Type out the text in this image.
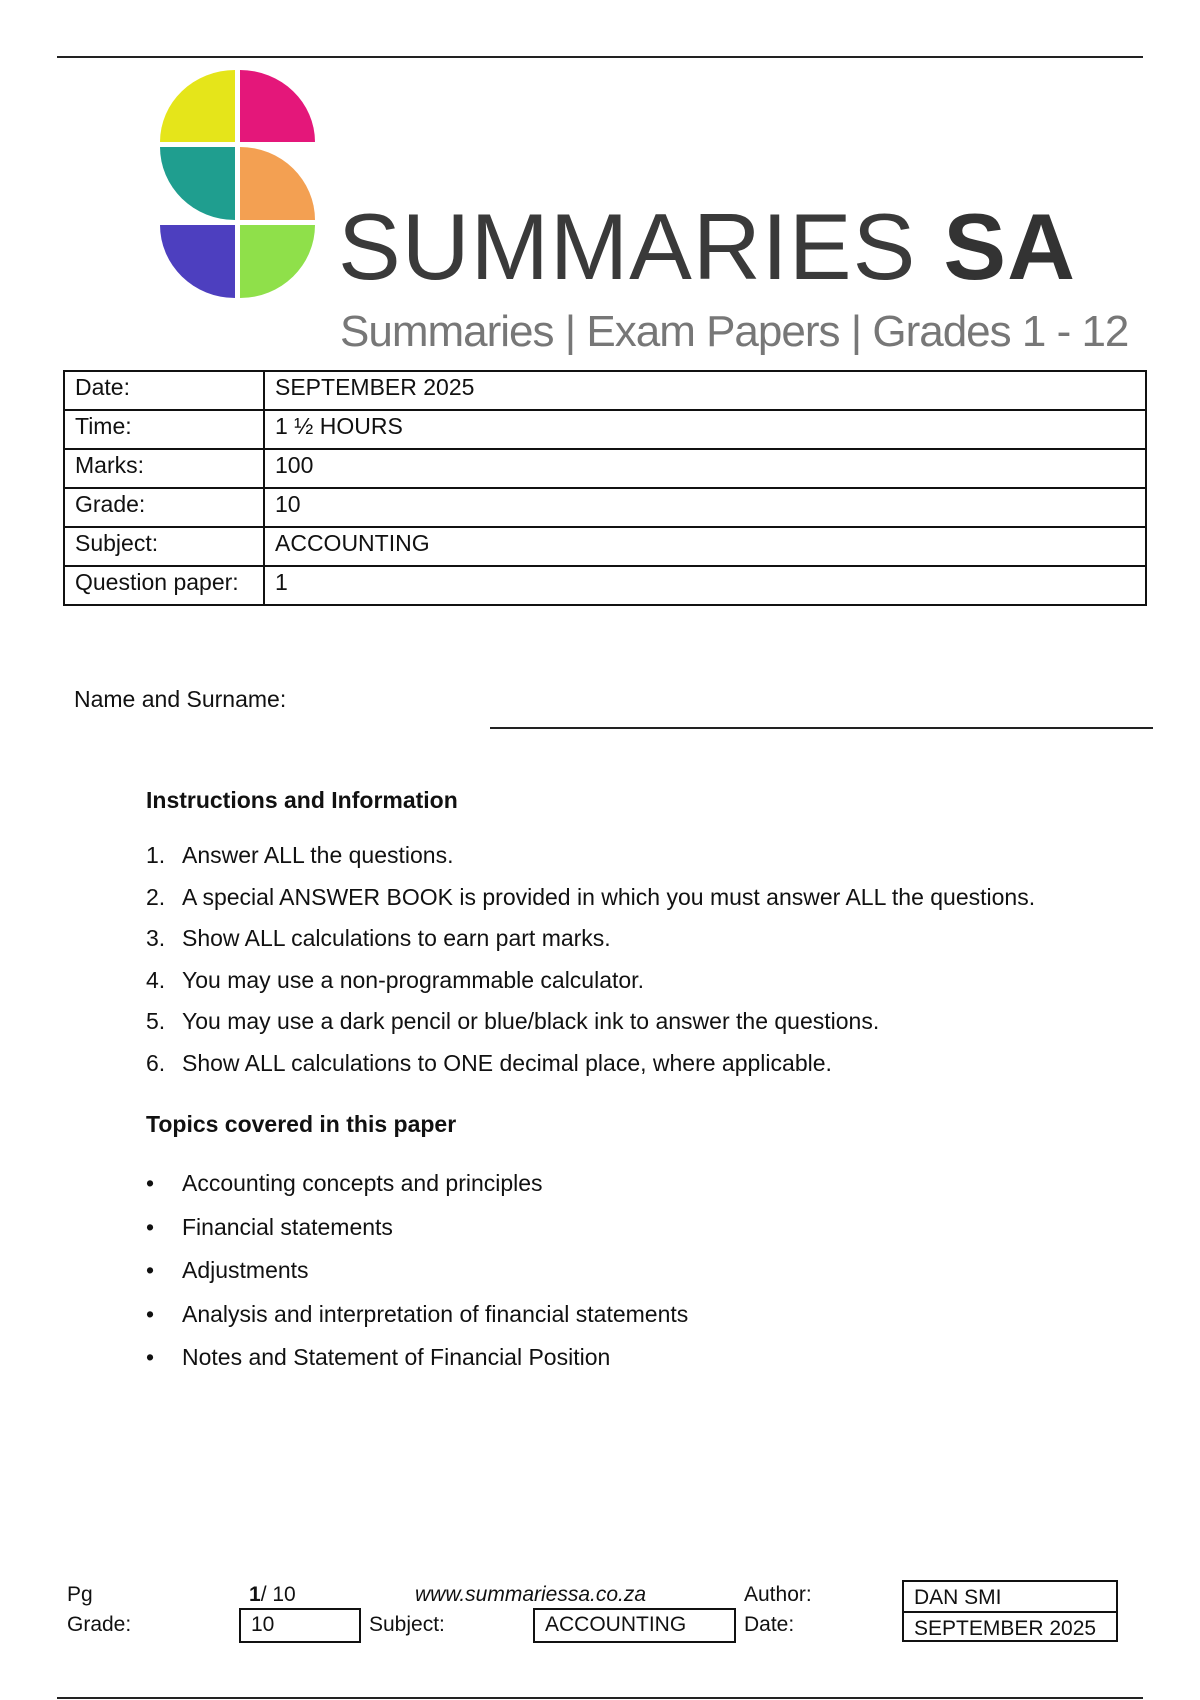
SUMMARIES SA
Summaries | Exam Papers | Grades 1 - 12
Date:	SEPTEMBER 2025
Time:	1 ½ HOURS
Marks:	100
Grade:	10
Subject:	ACCOUNTING
Question paper:	1
Name and Surname:
Instructions and Information
1. Answer ALL the questions.
2. A special ANSWER BOOK is provided in which you must answer ALL the questions.
3. Show ALL calculations to earn part marks.
4. You may use a non-programmable calculator.
5. You may use a dark pencil or blue/black ink to answer the questions.
6. Show ALL calculations to ONE decimal place, where applicable.
Topics covered in this paper
• Accounting concepts and principles
• Financial statements
• Adjustments
• Analysis and interpretation of financial statements
• Notes and Statement of Financial Position
Pg	1/ 10	www.summariessa.co.za	Author:
Grade:	10	Subject:	ACCOUNTING	Date:
DAN SMI
SEPTEMBER 2025
